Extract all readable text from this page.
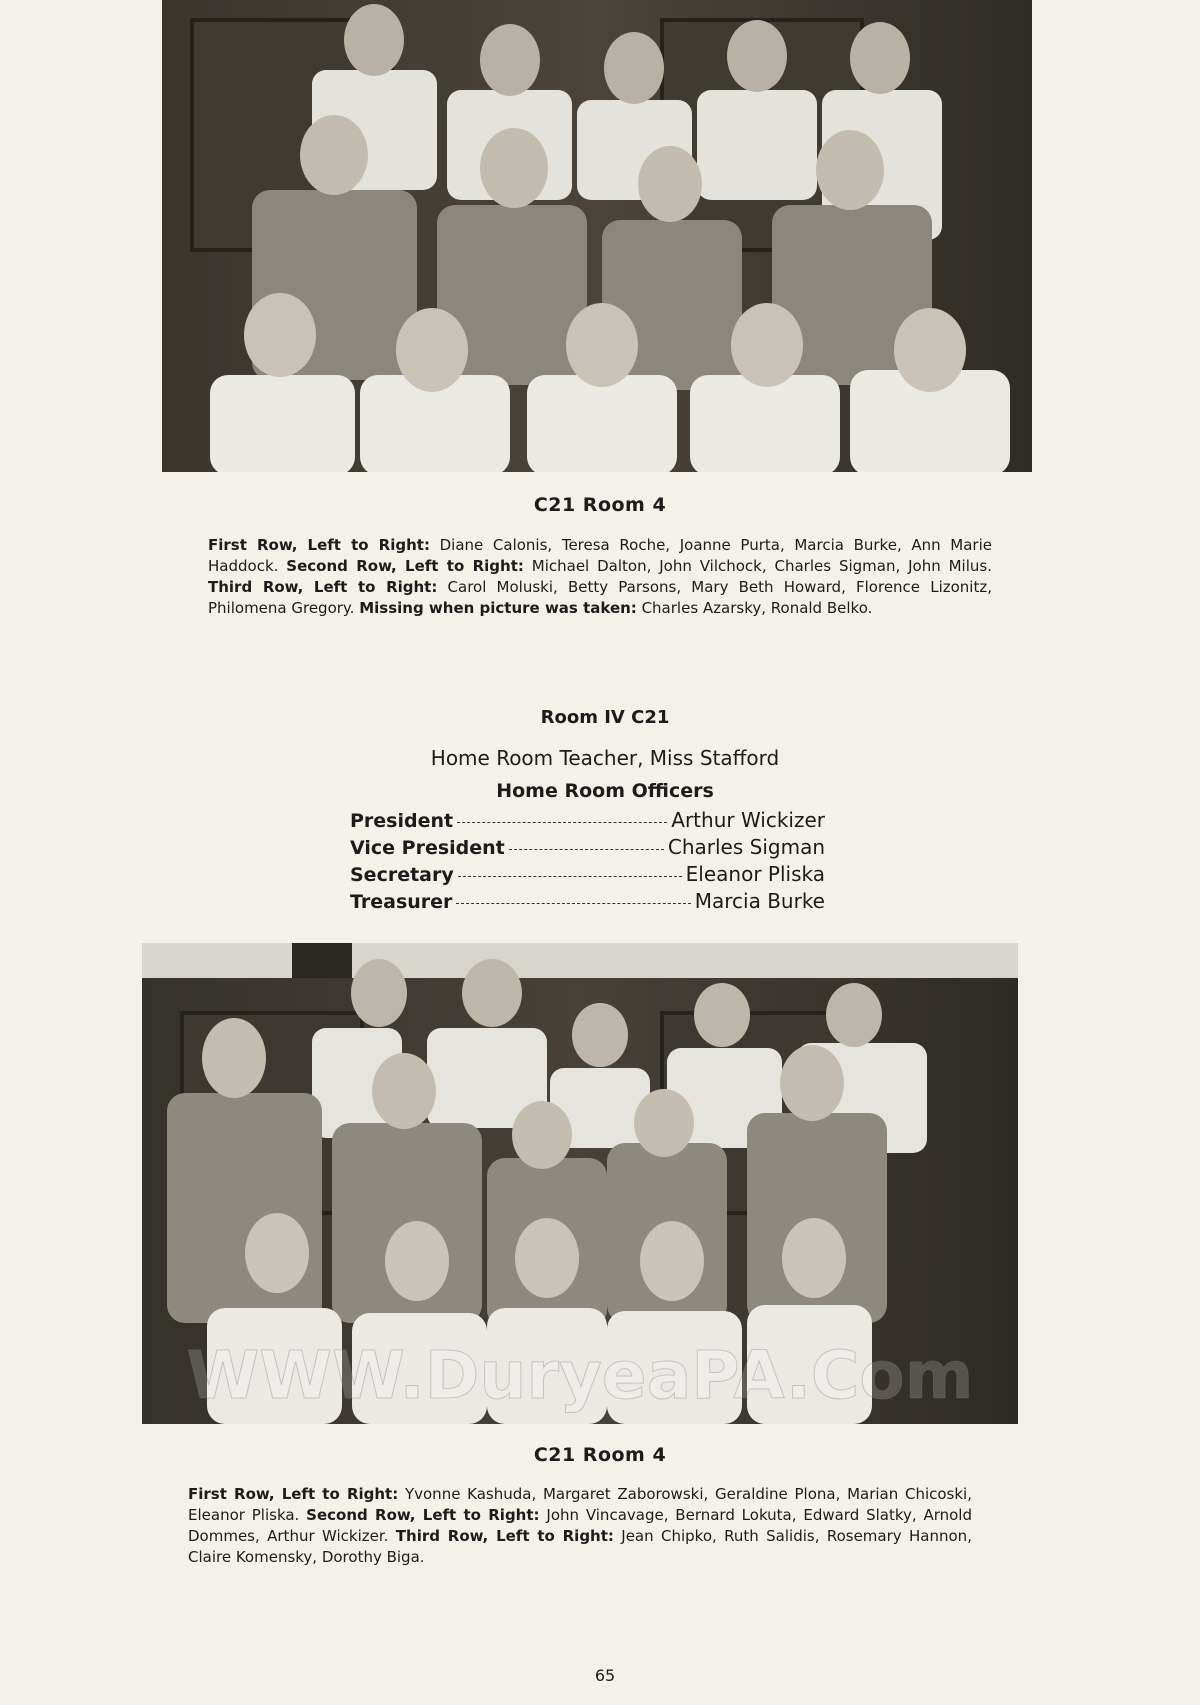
C21 Room 4
First Row, Left to Right: Diane Calonis, Teresa Roche, Joanne Purta, Marcia Burke, Ann Marie Haddock. Second Row, Left to Right: Michael Dalton, John Vilchock, Charles Sigman, John Milus. Third Row, Left to Right: Carol Moluski, Betty Parsons, Mary Beth Howard, Florence Lizonitz, Philomena Gregory. Missing when picture was taken: Charles Azarsky, Ronald Belko.
Room IV C21
Home Room Teacher, Miss Stafford
Home Room Officers
President	Arthur Wickizer
Vice President	Charles Sigman
Secretary	Eleanor Pliska
Treasurer	Marcia Burke
WWW.DuryeaPA.Com
C21 Room 4
First Row, Left to Right: Yvonne Kashuda, Margaret Zaborowski, Geraldine Plona, Marian Chicoski, Eleanor Pliska. Second Row, Left to Right: John Vincavage, Bernard Lokuta, Edward Slatky, Arnold Dommes, Arthur Wickizer. Third Row, Left to Right: Jean Chipko, Ruth Salidis, Rosemary Hannon, Claire Komensky, Dorothy Biga.
65
